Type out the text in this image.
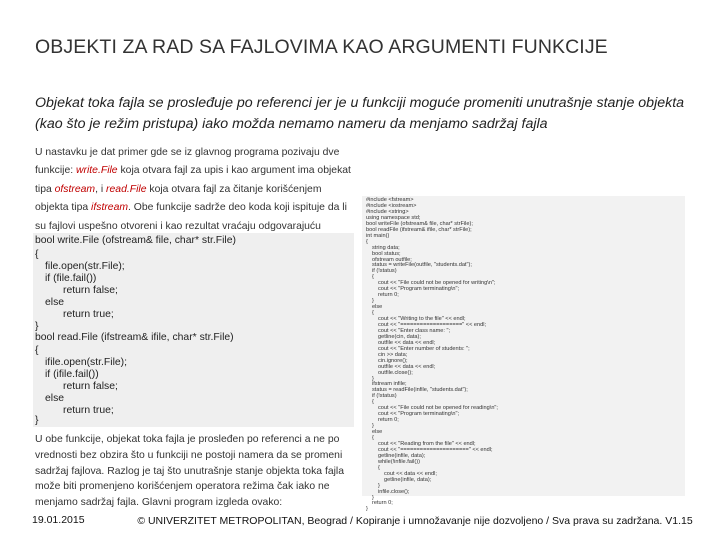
OBJEKTI ZA RAD SA FAJLOVIMA KAO ARGUMENTI FUNKCIJE
Objekat toka fajla se prosleđuje po referenci jer je u funkciji moguće promeniti unutrašnje stanje objekta (kao što je režim pristupa) iako možda nemamo nameru da menjamo sadržaj fajla
U nastavku je dat primer gde se iz glavnog programa pozivaju dve funkcije: write.File koja otvara fajl za upis i kao argument ima objekat tipa ofstream, i read.File koja otvara fajl za čitanje korišćenjem objekta tipa ifstream. Obe funkcije sadrže deo koda koji ispituje da li su fajlovi uspešno otvoreni i kao rezultat vraćaju odgovarajuću
bool write.File (ofstream& file, char* str.File)
{
file.open(str.File);
if (file.fail())
return false;
else
return true;
}
bool read.File (ifstream& ifile, char* str.File)
{
ifile.open(str.File);
if (ifile.fail())
return false;
else
return true;
}
U obe funkcije, objekat toka fajla je prosleđen po referenci a ne po vrednosti bez obzira što u funkciji ne postoji namera da se promeni sadržaj fajlova. Razlog je taj što unutrašnje stanje objekta toka fajla može biti promenjeno korišćenjem operatora režima čak iako ne menjamo sadržaj fajla. Glavni program izgleda ovako:
#include <fstream>
#include <iostream>
#include <string>
using namespace std;
bool writeFile (ofstream& file, char* strFile);
bool readFile (ifstream& ifile, char* strFile);
int main()
{
string data;
bool status;
ofstream outfile;
status = writeFile(outfile, "students.dat");
if (!status)
{
cout << "File could not be opened for writing\n";
cout << "Program terminating\n";
return 0;
}
else
{
cout << "Writing to the file" << endl;
cout << "===================" << endl;
cout << "Enter class name: ";
getline(cin, data);
outfile << data << endl;
cout << "Enter number of students: ";
cin >> data;
cin.ignore();
outfile << data << endl;
outfile.close();
}
ifstream infile;
status = readFile(infile, "students.dat");
if (!status)
{
cout << "File could not be opened for reading\n";
cout << "Program terminating\n";
return 0;
}
else
{
cout << "Reading from the file" << endl;
cout << "=====================" << endl;
getline(infile, data);
while(!infile.fail())
{
cout << data << endl;
getline(infile, data);
}
infile.close();
}
return 0;
}
19.01.2015	© UNIVERZITET METROPOLITAN, Beograd / Kopiranje i umnožavanje nije dozvoljeno / Sva prava su zadržana. V1.15
